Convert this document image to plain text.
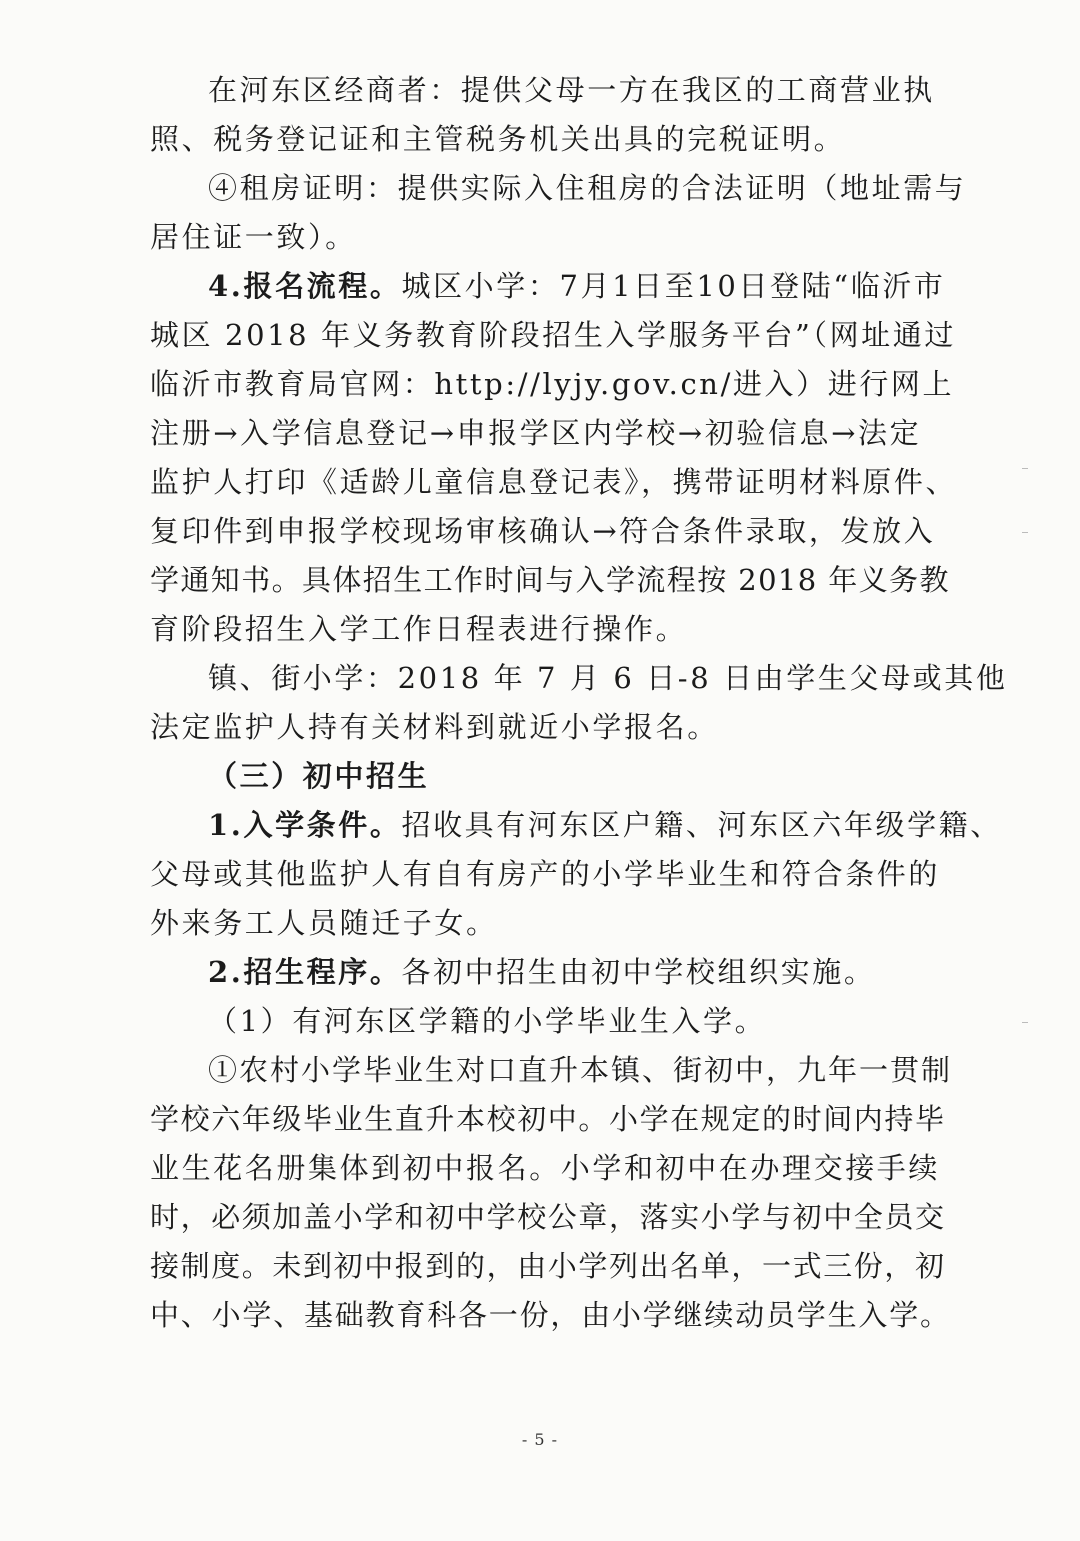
在河东区经商者：提供父母一方在我区的工商营业执
照、税务登记证和主管税务机关出具的完税证明。
④租房证明：提供实际入住租房的合法证明（地址需与
居住证一致）。
4.报名流程。城区小学：7月1日至10日登陆“临沂市
城区 2018 年义务教育阶段招生入学服务平台”（网址通过
临沂市教育局官网：http://lyjy.gov.cn/进入）进行网上
注册→入学信息登记→申报学区内学校→初验信息→法定
监护人打印《适龄儿童信息登记表》，携带证明材料原件、
复印件到申报学校现场审核确认→符合条件录取，发放入
学通知书。具体招生工作时间与入学流程按 2018 年义务教
育阶段招生入学工作日程表进行操作。
镇、街小学：2018 年 7 月 6 日-8 日由学生父母或其他
法定监护人持有关材料到就近小学报名。
（三）初中招生
1.入学条件。招收具有河东区户籍、河东区六年级学籍、
父母或其他监护人有自有房产的小学毕业生和符合条件的
外来务工人员随迁子女。
2.招生程序。各初中招生由初中学校组织实施。
（1）有河东区学籍的小学毕业生入学。
①农村小学毕业生对口直升本镇、街初中，九年一贯制
学校六年级毕业生直升本校初中。小学在规定的时间内持毕
业生花名册集体到初中报名。小学和初中在办理交接手续
时，必须加盖小学和初中学校公章，落实小学与初中全员交
接制度。未到初中报到的，由小学列出名单，一式三份，初
中、小学、基础教育科各一份，由小学继续动员学生入学。
- 5 -
